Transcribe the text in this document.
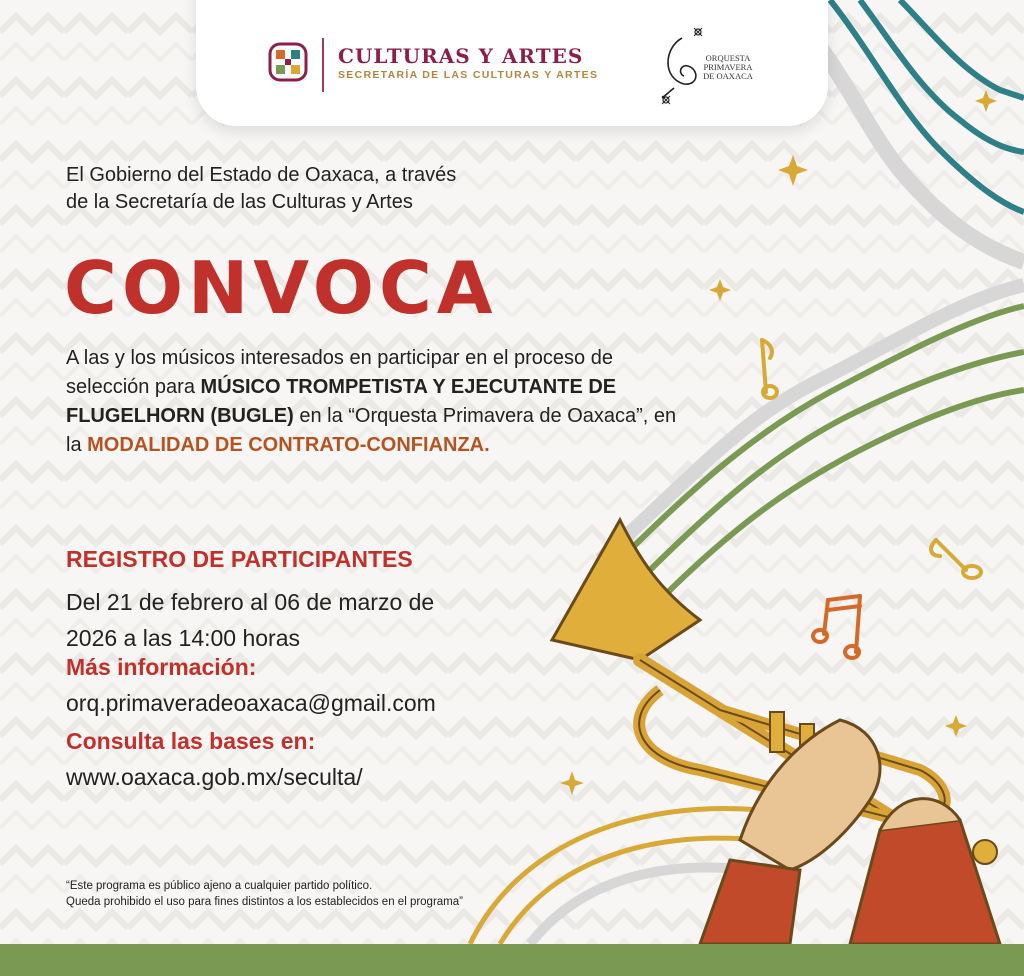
CULTURAS Y ARTES
SECRETARÍA DE LAS CULTURAS Y ARTES
ORQUESTA
PRIMAVERA
DE OAXACA
El Gobierno del Estado de Oaxaca, a través
de la Secretaría de las Culturas y Artes
CONVOCA
A las y los músicos interesados en participar en el proceso de selección para MÚSICO TROMPETISTA Y EJECUTANTE DE FLUGELHORN (BUGLE) en la “Orquesta Primavera de Oaxaca”, en la MODALIDAD DE CONTRATO-CONFIANZA.
REGISTRO DE PARTICIPANTES
Del 21 de febrero al 06 de marzo de
2026 a las 14:00 horas
Más información:
orq.primaveradeoaxaca@gmail.com
Consulta las bases en:
www.oaxaca.gob.mx/seculta/
“Este programa es público ajeno a cualquier partido político.
Queda prohibido el uso para fines distintos a los establecidos en el programa”
